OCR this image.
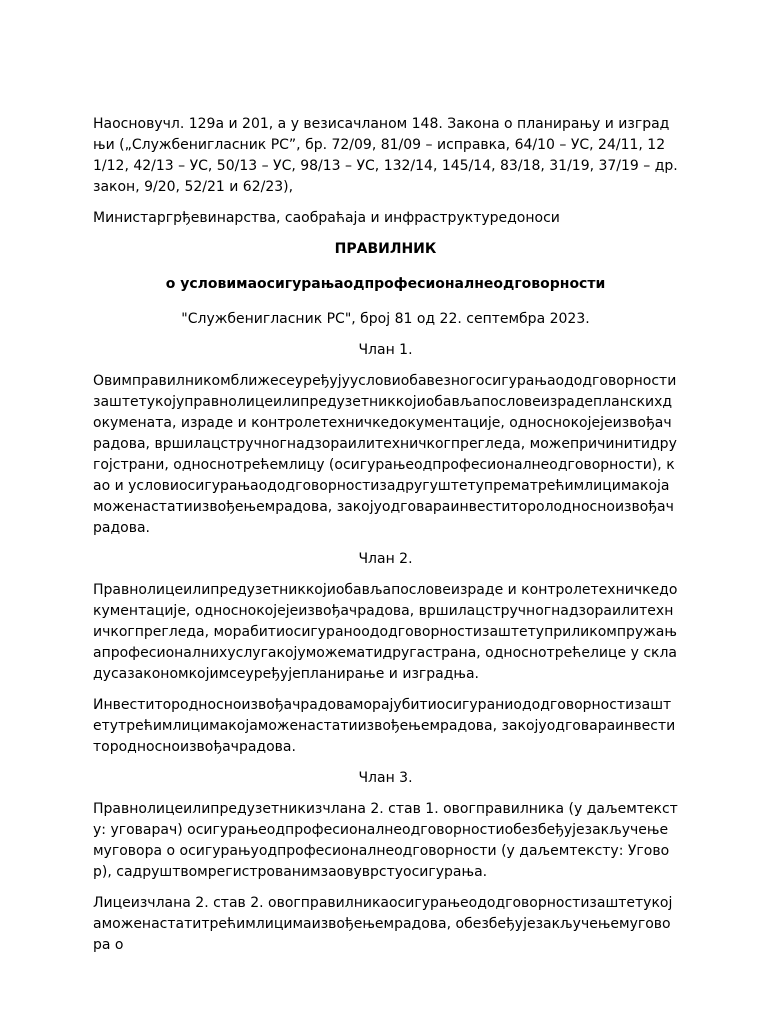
Наосновучл. 129а и 201, а у везисачланом 148. Закона о планирању и изградњи („Службенигласник РС”, бр. 72/09, 81/09 – исправка, 64/10 – УС, 24/11, 121/12, 42/13 – УС, 50/13 – УС, 98/13 – УС, 132/14, 145/14, 83/18, 31/19, 37/19 – др. закон, 9/20, 52/21 и 62/23),

Министаргрђевинарства, саобраћаја и инфраструктуредоноси

ПРАВИЛНИК

о условимаосигурањаодпрофесионалнеодговорности

"Службенигласник РС", број 81 од 22. септембра 2023.

Члан 1.

Овимправилникомближесеуређујуусловиобавезногосигурањаододговорности заштетукојуправнолицеилипредузетниккојиобављапословеизрадепланскихдокумената, израде и контролетехничкедокументације, односнокојејеизвођачрадова, вршилацстручногнадзораилитехничкогпрегледа, можепричинитидругојстрани, односнотрећемлицу (осигурањеодпрофесионалнеодговорности), као и условиосигурањаододговорностизадругуштетупрематрећимлицимакојаможенастатиизвођењемрадова, закојуодговараинвеститоролодносноизвођачрадова.

Члан 2.

Правнолицеилипредузетниккојиобављапословеизраде и контролетехничкедокументације, односнокојејеизвођачрадова, вршилацстручногнадзораилитехничкогпрегледа, морабитиосигураноододговорностизаштетуприликомпружањапрофесионалнихуслугакојуможематидругастрана, односнотрећелице у складусазакономкојимсеуређујепланирање и изградња.

Инвеститородносноизвођачрадоваморајубитиосигураниододговорностизаштетутрећимлицимакојаможенастатиизвођењемрадова, закојуодговараинвеститородносноизвођачрадова.

Члан 3.

Правнолицеилипредузетникизчлана 2. став 1. овогправилника (у даљемтексту: уговарач) осигурањеодпрофесионалнеодговорностиобезбеђујезакључењемуговора о осигурањуодпрофесионалнеодговорности (у даљемтексту: Уговор), садруштвомрегистрованимзаовуврстуосигурања.

Лицеизчлана 2. став 2. овогправилникаосигурањеододговорностизаштетукојаможенастатитрећимлицимаизвођењемрадова, обезбеђујезакључењемуговора о
